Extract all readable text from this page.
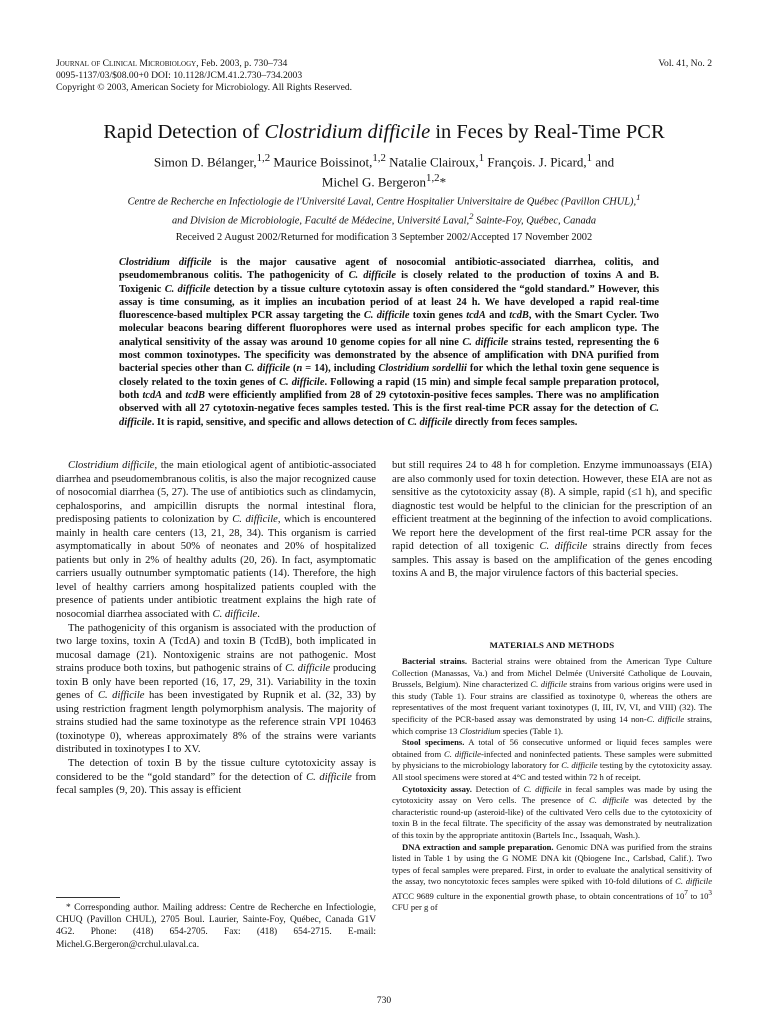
Journal of Clinical Microbiology, Feb. 2003, p. 730–734
0095-1137/03/$08.00+0 DOI: 10.1128/JCM.41.2.730–734.2003
Copyright © 2003, American Society for Microbiology. All Rights Reserved.
Vol. 41, No. 2
Rapid Detection of Clostridium difficile in Feces by Real-Time PCR
Simon D. Bélanger,$^{1,2}$ Maurice Boissinot,$^{1,2}$ Natalie Clairoux,$^1$ François. J. Picard,$^1$ and
Michel G. Bergeron$^{1,2}$*
Centre de Recherche en Infectiologie de l'Université Laval, Centre Hospitalier Universitaire de Québec (Pavillon CHUL),$^1$
and Division de Microbiologie, Faculté de Médecine, Université Laval,$^2$ Sainte-Foy, Québec, Canada
Received 2 August 2002/Returned for modification 3 September 2002/Accepted 17 November 2002
Clostridium difficile is the major causative agent of nosocomial antibiotic-associated diarrhea, colitis, and pseudomembranous colitis. The pathogenicity of C. difficile is closely related to the production of toxins A and B. Toxigenic C. difficile detection by a tissue culture cytotoxin assay is often considered the “gold standard.” However, this assay is time consuming, as it implies an incubation period of at least 24 h. We have developed a rapid real-time fluorescence-based multiplex PCR assay targeting the C. difficile toxin genes tcdA and tcdB, with the Smart Cycler. Two molecular beacons bearing different fluorophores were used as internal probes specific for each amplicon type. The analytical sensitivity of the assay was around 10 genome copies for all nine C. difficile strains tested, representing the 6 most common toxinotypes. The specificity was demonstrated by the absence of amplification with DNA purified from bacterial species other than C. difficile (n = 14), including Clostridium sordellii for which the lethal toxin gene sequence is closely related to the toxin genes of C. difficile. Following a rapid (15 min) and simple fecal sample preparation protocol, both tcdA and tcdB were efficiently amplified from 28 of 29 cytotoxin-positive feces samples. There was no amplification observed with all 27 cytotoxin-negative feces samples tested. This is the first real-time PCR assay for the detection of C. difficile. It is rapid, sensitive, and specific and allows detection of C. difficile directly from feces samples.

Clostridium difficile, the main etiological agent of antibiotic-associated diarrhea and pseudomembranous colitis, is also the major recognized cause of nosocomial diarrhea (5, 27). The use of antibiotics such as clindamycin, cephalosporins, and ampicillin disrupts the normal intestinal flora, predisposing patients to colonization by C. difficile, which is encountered mainly in health care centers (13, 21, 28, 34). This organism is carried asymptomatically in about 50% of neonates and 20% of hospitalized patients but only in 2% of healthy adults (20, 26). In fact, asymptomatic carriers usually outnumber symptomatic patients (14). Therefore, the high level of healthy carriers among hospitalized patients coupled with the presence of patients under antibiotic treatment explains the high rate of nosocomial diarrhea associated with C. difficile.

The pathogenicity of this organism is associated with the production of two large toxins, toxin A (TcdA) and toxin B (TcdB), both implicated in mucosal damage (21). Nontoxigenic strains are not pathogenic. Most strains produce both toxins, but pathogenic strains of C. difficile producing toxin B only have been reported (16, 17, 29, 31). Variability in the toxin genes of C. difficile has been investigated by Rupnik et al. (32, 33) by using restriction fragment length polymorphism analysis. The majority of strains studied had the same toxinotype as the reference strain VPI 10463 (toxinotype 0), whereas approximately 8% of the strains were variants distributed in toxinotypes I to XV.

The detection of toxin B by the tissue culture cytotoxicity assay is considered to be the “gold standard” for the detection of C. difficile from fecal samples (9, 20). This assay is efficient

but still requires 24 to 48 h for completion. Enzyme immunoassays (EIA) are also commonly used for toxin detection. However, these EIA are not as sensitive as the cytotoxicity assay (8). A simple, rapid (≤1 h), and specific diagnostic test would be helpful to the clinician for the prescription of an efficient treatment at the beginning of the infection to avoid complications. We report here the development of the first real-time PCR assay for the rapid detection of all toxigenic C. difficile strains directly from feces samples. This assay is based on the amplification of the genes encoding toxins A and B, the major virulence factors of this bacterial species.

MATERIALS AND METHODS

Bacterial strains. Bacterial strains were obtained from the American Type Culture Collection (Manassas, Va.) and from Michel Delmée (Université Catholique de Louvain, Brussels, Belgium). Nine characterized C. difficile strains from various origins were used in this study (Table 1). Four strains are classified as toxinotype 0, whereas the others are representatives of the most frequent variant toxinotypes (I, III, IV, VI, and VIII) (32). The specificity of the PCR-based assay was demonstrated by using 14 non-C. difficile strains, which comprise 13 Clostridium species (Table 1).

Stool specimens. A total of 56 consecutive unformed or liquid feces samples were obtained from C. difficile-infected and noninfected patients. These samples were submitted by physicians to the microbiology laboratory for C. difficile testing by the cytotoxicity assay. All stool specimens were stored at 4°C and tested within 72 h of receipt.

Cytotoxicity assay. Detection of C. difficile in fecal samples was made by using the cytotoxicity assay on Vero cells. The presence of C. difficile was detected by the characteristic round-up (asteroid-like) of the cultivated Vero cells due to the cytotoxicity of toxin B in the fecal filtrate. The specificity of the assay was demonstrated by neutralization of this toxin by the appropriate antitoxin (Bartels Inc., Issaquah, Wash.).

DNA extraction and sample preparation. Genomic DNA was purified from the strains listed in Table 1 by using the G NOME DNA kit (Qbiogene Inc., Carlsbad, Calif.). Two types of fecal samples were prepared. First, in order to evaluate the analytical sensitivity of the assay, two noncytotoxic feces samples were spiked with 10-fold dilutions of C. difficile ATCC 9689 culture in the exponential growth phase, to obtain concentrations of $10^7$ to $10^3$ CFU per g of

* Corresponding author. Mailing address: Centre de Recherche en Infectiologie, CHUQ (Pavillon CHUL), 2705 Boul. Laurier, Sainte-Foy, Québec, Canada G1V 4G2. Phone: (418) 654-2705. Fax: (418) 654-2715. E-mail: Michel.G.Bergeron@crchul.ulaval.ca.

730
